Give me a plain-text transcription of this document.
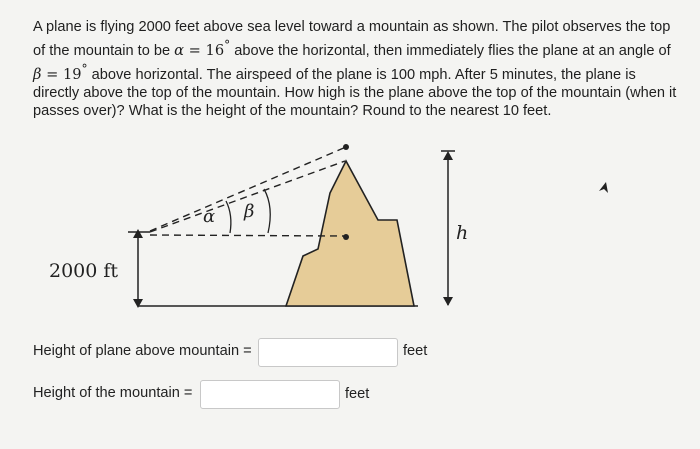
A plane is flying 2000 feet above sea level toward a mountain as shown. The pilot observes the top of the mountain to be α = 16° above the horizontal, then immediately flies the plane at an angle of β = 19° above horizontal. The airspeed of the plane is 100 mph. After 5 minutes, the plane is directly above the top of the mountain. How high is the plane above the top of the mountain (when it passes over)? What is the height of the mountain? Round to the nearest 10 feet.
α β
2000 ft
h
Height of plane above mountain =	feet
Height of the mountain =	feet
